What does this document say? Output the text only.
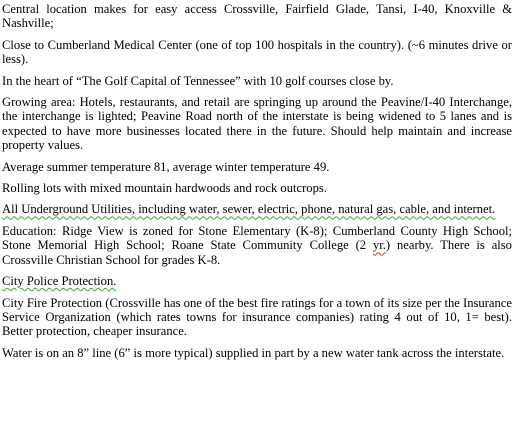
Central location makes for easy access Crossville, Fairfield Glade, Tansi, I-40, Knoxville & Nashville;

Close to Cumberland Medical Center (one of top 100 hospitals in the country). (~6 minutes drive or less).

In the heart of “The Golf Capital of Tennessee” with 10 golf courses close by.

Growing area: Hotels, restaurants, and retail are springing up around the Peavine/I-40 Interchange, the interchange is lighted; Peavine Road north of the interstate is being widened to 5 lanes and is expected to have more businesses located there in the future. Should help maintain and increase property values.

Average summer temperature 81, average winter temperature 49.

Rolling lots with mixed mountain hardwoods and rock outcrops.

All Underground Utilities, including water, sewer, electric, phone, natural gas, cable, and internet.

Education: Ridge View is zoned for Stone Elementary (K-8); Cumberland County High School; Stone Memorial High School; Roane State Community College (2 yr.) nearby. There is also Crossville Christian School for grades K-8.

City Police Protection.

City Fire Protection (Crossville has one of the best fire ratings for a town of its size per the Insurance Service Organization (which rates towns for insurance companies) rating 4 out of 10, 1= best). Better protection, cheaper insurance.

Water is on an 8” line (6” is more typical) supplied in part by a new water tank across the interstate.
